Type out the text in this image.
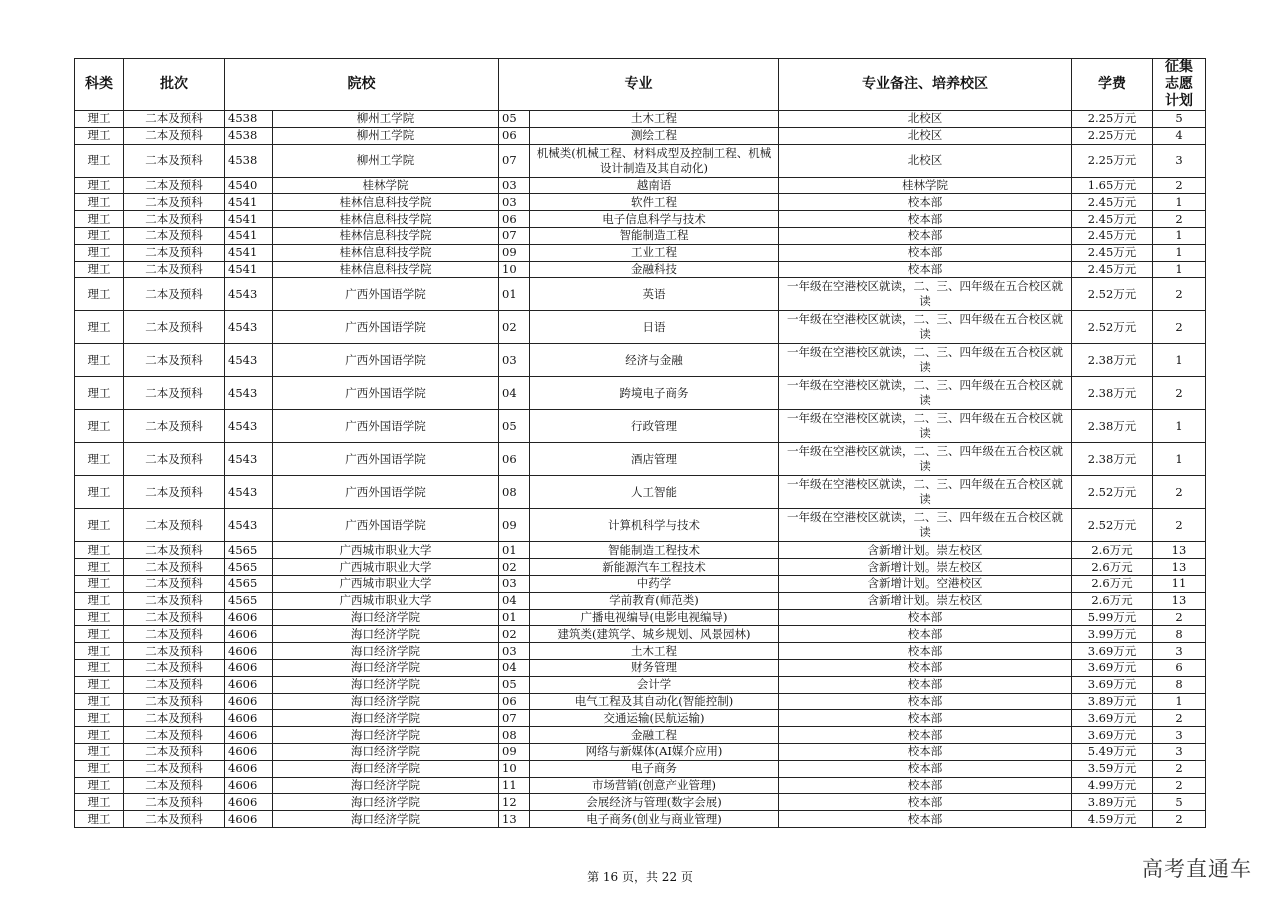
科类	批次	院校		专业		专业备注、培养校区	学费	征集志愿计划
理工	二本及预科	4538	柳州工学院	05	土木工程	北校区	2.25万元	5
理工	二本及预科	4538	柳州工学院	06	测绘工程	北校区	2.25万元	4
理工	二本及预科	4538	柳州工学院	07	机械类(机械工程、材料成型及控制工程、机械设计制造及其自动化)	北校区	2.25万元	3
理工	二本及预科	4540	桂林学院	03	越南语	桂林学院	1.65万元	2
理工	二本及预科	4541	桂林信息科技学院	03	软件工程	校本部	2.45万元	1
理工	二本及预科	4541	桂林信息科技学院	06	电子信息科学与技术	校本部	2.45万元	2
理工	二本及预科	4541	桂林信息科技学院	07	智能制造工程	校本部	2.45万元	1
理工	二本及预科	4541	桂林信息科技学院	09	工业工程	校本部	2.45万元	1
理工	二本及预科	4541	桂林信息科技学院	10	金融科技	校本部	2.45万元	1
理工	二本及预科	4543	广西外国语学院	01	英语	一年级在空港校区就读，二、三、四年级在五合校区就读	2.52万元	2
理工	二本及预科	4543	广西外国语学院	02	日语	一年级在空港校区就读，二、三、四年级在五合校区就读	2.52万元	2
理工	二本及预科	4543	广西外国语学院	03	经济与金融	一年级在空港校区就读，二、三、四年级在五合校区就读	2.38万元	1
理工	二本及预科	4543	广西外国语学院	04	跨境电子商务	一年级在空港校区就读，二、三、四年级在五合校区就读	2.38万元	2
理工	二本及预科	4543	广西外国语学院	05	行政管理	一年级在空港校区就读，二、三、四年级在五合校区就读	2.38万元	1
理工	二本及预科	4543	广西外国语学院	06	酒店管理	一年级在空港校区就读，二、三、四年级在五合校区就读	2.38万元	1
理工	二本及预科	4543	广西外国语学院	08	人工智能	一年级在空港校区就读，二、三、四年级在五合校区就读	2.52万元	2
理工	二本及预科	4543	广西外国语学院	09	计算机科学与技术	一年级在空港校区就读，二、三、四年级在五合校区就读	2.52万元	2
理工	二本及预科	4565	广西城市职业大学	01	智能制造工程技术	含新增计划。崇左校区	2.6万元	13
理工	二本及预科	4565	广西城市职业大学	02	新能源汽车工程技术	含新增计划。崇左校区	2.6万元	13
理工	二本及预科	4565	广西城市职业大学	03	中药学	含新增计划。空港校区	2.6万元	11
理工	二本及预科	4565	广西城市职业大学	04	学前教育(师范类)	含新增计划。崇左校区	2.6万元	13
理工	二本及预科	4606	海口经济学院	01	广播电视编导(电影电视编导)	校本部	5.99万元	2
理工	二本及预科	4606	海口经济学院	02	建筑类(建筑学、城乡规划、风景园林)	校本部	3.99万元	8
理工	二本及预科	4606	海口经济学院	03	土木工程	校本部	3.69万元	3
理工	二本及预科	4606	海口经济学院	04	财务管理	校本部	3.69万元	6
理工	二本及预科	4606	海口经济学院	05	会计学	校本部	3.69万元	8
理工	二本及预科	4606	海口经济学院	06	电气工程及其自动化(智能控制)	校本部	3.89万元	1
理工	二本及预科	4606	海口经济学院	07	交通运输(民航运输)	校本部	3.69万元	2
理工	二本及预科	4606	海口经济学院	08	金融工程	校本部	3.69万元	3
理工	二本及预科	4606	海口经济学院	09	网络与新媒体(AI媒介应用)	校本部	5.49万元	3
理工	二本及预科	4606	海口经济学院	10	电子商务	校本部	3.59万元	2
理工	二本及预科	4606	海口经济学院	11	市场营销(创意产业管理)	校本部	4.99万元	2
理工	二本及预科	4606	海口经济学院	12	会展经济与管理(数字会展)	校本部	3.89万元	5
理工	二本及预科	4606	海口经济学院	13	电子商务(创业与商业管理)	校本部	4.59万元	2
第 16 页，共 22 页	高考直通车
